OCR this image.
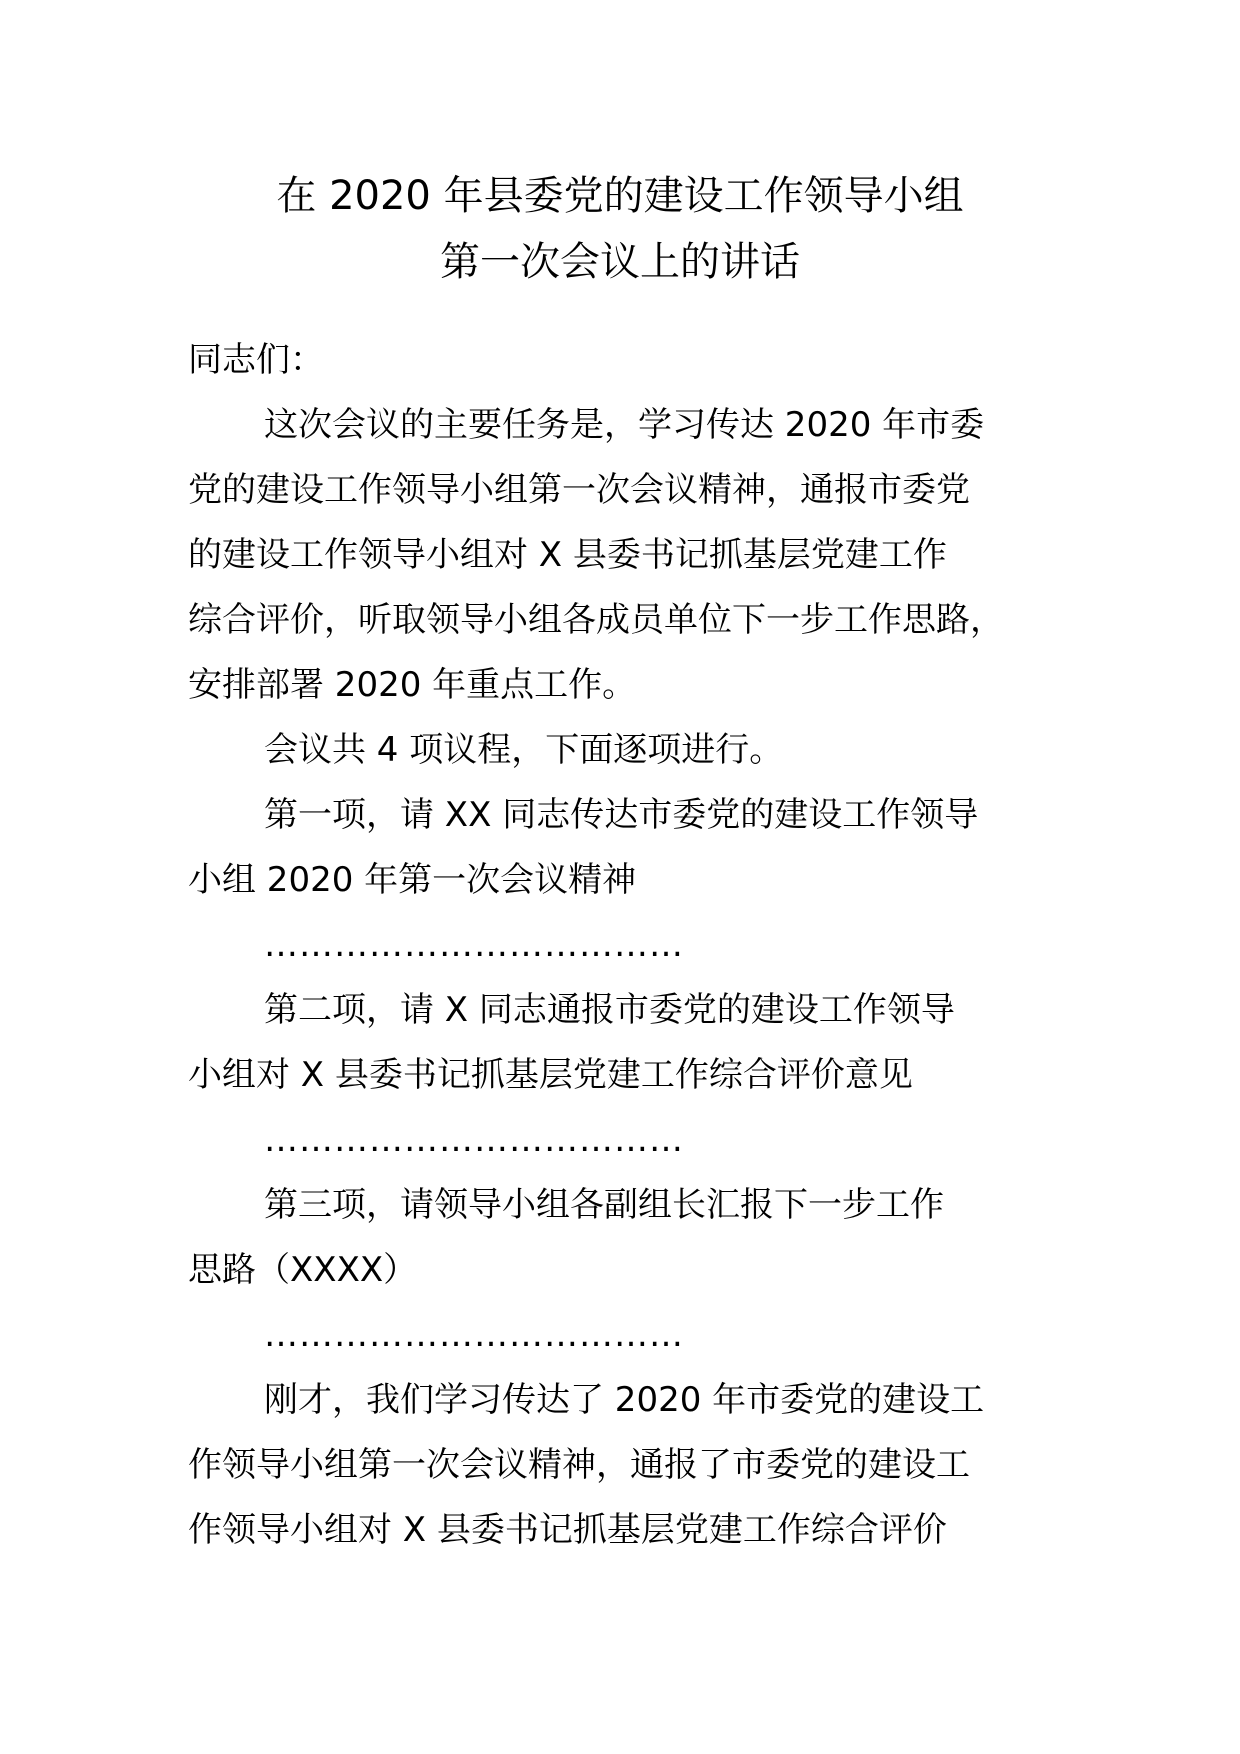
在 2020 年县委党的建设工作领导小组
第一次会议上的讲话
同志们：
这次会议的主要任务是，学习传达 2020 年市委
党的建设工作领导小组第一次会议精神，通报市委党
的建设工作领导小组对 X 县委书记抓基层党建工作
综合评价，听取领导小组各成员单位下一步工作思路，
安排部署 2020 年重点工作。
会议共 4 项议程，下面逐项进行。
第一项，请 XX 同志传达市委党的建设工作领导
小组 2020 年第一次会议精神
………………………………
第二项，请 X 同志通报市委党的建设工作领导
小组对 X 县委书记抓基层党建工作综合评价意见
………………………………
第三项，请领导小组各副组长汇报下一步工作
思路（XXXX）
………………………………
刚才，我们学习传达了 2020 年市委党的建设工
作领导小组第一次会议精神，通报了市委党的建设工
作领导小组对 X 县委书记抓基层党建工作综合评价
